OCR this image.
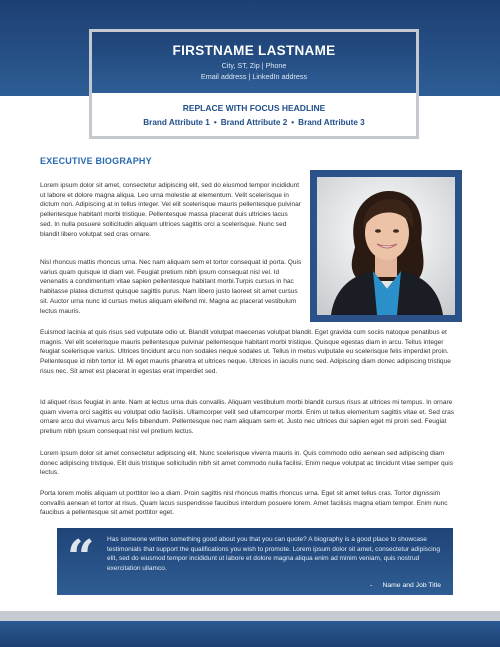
FIRSTNAME LASTNAME
City, ST, Zip | Phone
Email address | LinkedIn address
REPLACE WITH FOCUS HEADLINE
Brand Attribute 1 • Brand Attribute 2 • Brand Attribute 3
EXECUTIVE BIOGRAPHY

Lorem ipsum dolor sit amet, consectetur adipiscing elit, sed do eiusmod tempor incididunt ut labore et dolore magna aliqua. Leo urna molestie at elementum. Velit scelerisque in dictum non. Adipiscing at in tellus integer. Vel elit scelerisque mauris pellentesque pulvinar pellentesque habitant morbi tristique. Pellentesque massa placerat duis ultricies lacus sed. In nulla posuere sollicitudin aliquam ultrices sagittis orci a scelerisque. Nunc sed blandit libero volutpat sed cras ornare.

Nisl rhoncus mattis rhoncus urna. Nec nam aliquam sem et tortor consequat id porta. Quis varius quam quisque id diam vel. Feugiat pretium nibh ipsum consequat nisl vel. Id venenatis a condimentum vitae sapien pellentesque habitant morbi.Turpis cursus in hac habitasse platea dictumst quisque sagittis purus. Nam libero justo laoreet sit amet cursus sit. Auctor urna nunc id cursus metus aliquam eleifend mi. Magna ac placerat vestibulum lectus mauris.

Euismod lacinia at quis risus sed vulputate odio ut. Blandit volutpat maecenas volutpat blandit. Eget gravida cum sociis natoque penatibus et magnis. Vel elit scelerisque mauris pellentesque pulvinar pellentesque habitant morbi tristique. Quisque egestas diam in arcu. Tellus integer feugiat scelerisque varius. Ultrices tincidunt arcu non sodales neque sodales ut. Tellus in metus vulputate eu scelerisque felis imperdiet proin. Pellentesque id nibh tortor id. Mi eget mauris pharetra et ultrices neque. Ultrices in iaculis nunc sed. Adipiscing diam donec adipiscing tristique risus nec. Sit amet est placerat in egestas erat imperdiet sed.

Id aliquet risus feugiat in ante. Nam at lectus urna duis convallis. Aliquam vestibulum morbi blandit cursus risus at ultrices mi tempus. In ornare quam viverra orci sagittis eu volutpat odio facilisis. Ullamcorper velit sed ullamcorper morbi. Enim ut tellus elementum sagittis vitae et. Sed cras ornare arcu dui vivamus arcu felis bibendum. Pellentesque nec nam aliquam sem et. Justo nec ultrices dui sapien eget mi proin sed. Feugiat pretium nibh ipsum consequat nisl vel pretium lectus.

Lorem ipsum dolor sit amet consectetur adipiscing elit. Nunc scelerisque viverra mauris in. Quis commodo odio aenean sed adipiscing diam donec adipiscing tristique. Elit duis tristique sollicitudin nibh sit amet commodo nulla facilisi. Enim neque volutpat ac tincidunt vitae semper quis lectus.

Porta lorem mollis aliquam ut porttitor leo a diam. Proin sagittis nisl rhoncus mattis rhoncus urna. Eget sit amet tellus cras. Tortor dignissim convallis aenean et tortor at risus. Quam lacus suspendisse faucibus interdum posuere lorem. Amet facilisis magna etiam tempor. Enim nunc faucibus a pellentesque sit amet porttitor eget.

“ Has someone written something good about you that you can quote? A biography is a good place to showcase testimonials that support the qualifications you wish to promote. Lorem ipsum dolor sit amet, consectetur adipiscing elit, sed do eiusmod tempor incididunt ut labore et dolore magna aliqua enim ad minim veniam, quis nostrud exercitation ullamco.
- Name and Job Title
